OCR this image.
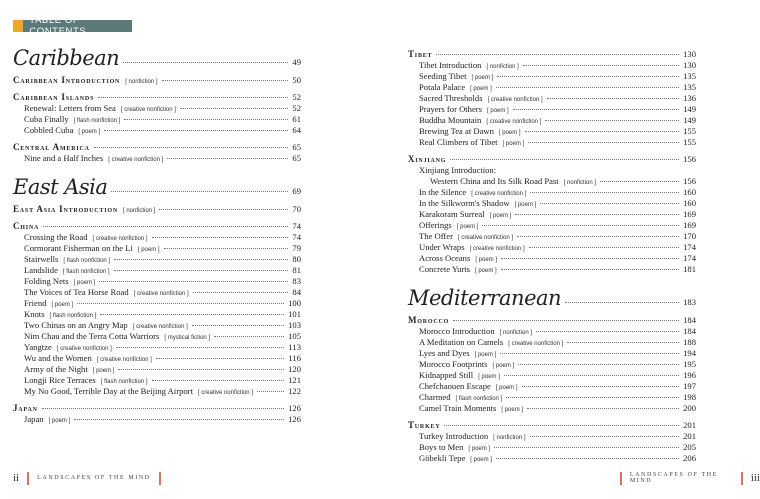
TABLE OF CONTENTS
Caribbean	49
Caribbean Introduction	[ nonfiction ]	50
Caribbean Islands	52
Renewal: Letters from Sea	[ creative nonfiction ]	52
Cuba Finally	[ flash nonfiction ]	61
Cobbled Cuba	[ poem ]	64
Central America	65
Nine and a Half Inches	[ creative nonfiction ]	65
East Asia	69
East Asia Introduction	[ nonfiction ]	70
China	74
Crossing the Road	[ creative nonfiction ]	74
Cormorant Fisherman on the Li	[ poem ]	79
Stairwells	[ flash nonfiction ]	80
Landslide	[ flash nonfiction ]	81
Folding Nets	[ poem ]	83
The Voices of Tea Horse Road	[ creative nonfiction ]	84
Friend	[ poem ]	100
Knots	[ flash nonfiction ]	101
Two Chinas on an Angry Map	[ creative nonfiction ]	103
Nim Chau and the Terra Cotta Warriors	[ mystical fiction ]	105
Yangtze	[ creative nonfiction ]	113
Wu and the Women	[ creative nonfiction ]	116
Army of the Night	[ poem ]	120
Longji Rice Terraces	[ flash nonfiction ]	121
My No Good, Terrible Day at the Beijing Airport	[ creative nonfiction ]	122
Japan	126
Japan	[ poem ]	126
Tibet	130
Tibet Introduction	[ nonfiction ]	130
Seeding Tibet	[ poem ]	135
Potala Palace	[ poem ]	135
Sacred Thresholds	[ creative nonfiction ]	136
Prayers for Others	[ poem ]	149
Buddha Mountain	[ creative nonfiction ]	149
Brewing Tea at Dawn	[ poem ]	155
Real Climbers of Tibet	[ poem ]	155
Xinjiang	156
Xinjiang Introduction:
Western China and Its Silk Road Past	[ nonfiction ]	156
In the Silence	[ creative nonfiction ]	160
In the Silkworm's Shadow	[ poem ]	160
Karakoram Surreal	[ poem ]	169
Offerings	[ poem ]	169
The Offer	[ creative nonfiction ]	170
Under Wraps	[ creative nonfiction ]	174
Across Oceans	[ poem ]	174
Concrete Yurts	[ poem ]	181
Mediterranean	183
Morocco	184
Morocco Introduction	[ nonfiction ]	184
A Meditation on Camels	[ creative nonfiction ]	188
Lyes and Dyes	[ poem ]	194
Morocco Footprints	[ poem ]	195
Kidnapped Still	[ poem ]	196
Chefchaouen Escape	[ poem ]	197
Charmed	[ flash nonfiction ]	198
Camel Train Moments	[ poem ]	200
Turkey	201
Turkey Introduction	[ nonfiction ]	201
Boys to Men	[ poem ]	205
Göbekli Tepe	[ poem ]	206
ii	LANDSCAPES OF THE MIND	LANDSCAPES OF THE MIND	iii
